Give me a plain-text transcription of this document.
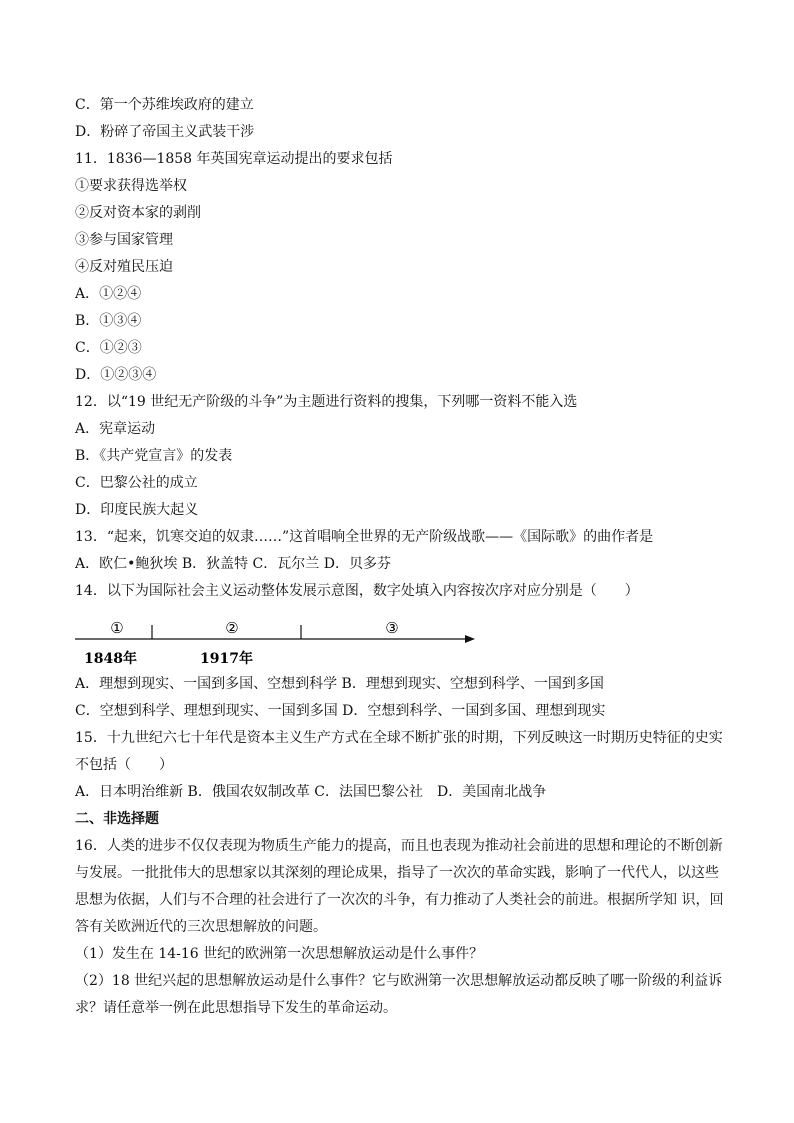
C．第一个苏维埃政府的建立
D．粉碎了帝国主义武装干涉
11．1836—1858 年英国宪章运动提出的要求包括
①要求获得选举权
②反对资本家的剥削
③参与国家管理
④反对殖民压迫
A．①②④
B．①③④
C．①②③
D．①②③④
12．以“19 世纪无产阶级的斗争”为主题进行资料的搜集，下列哪一资料不能入选
A．宪章运动
B．《共产党宣言》的发表
C．巴黎公社的成立
D．印度民族大起义
13．“起来，饥寒交迫的奴隶……”这首唱响全世界的无产阶级战歌——《国际歌》的曲作者是
A．欧仁•鲍狄埃 B．狄盖特 C．瓦尔兰 D．贝多芬
14．以下为国际社会主义运动整体发展示意图，数字处填入内容按次序对应分别是（　　）
①	②	③
1848年	1917年
A．理想到现实、一国到多国、空想到科学 B．理想到现实、空想到科学、一国到多国
C．空想到科学、理想到现实、一国到多国 D．空想到科学、一国到多国、理想到现实
15．十九世纪六七十年代是资本主义生产方式在全球不断扩张的时期，下列反映这一时期历史特征的史实
不包括（　　）
A．日本明治维新 B．俄国农奴制改革 C．法国巴黎公社　D．美国南北战争
二、非选择题
16．人类的进步不仅仅表现为物质生产能力的提高，而且也表现为推动社会前进的思想和理论的不断创新
与发展。一批批伟大的思想家以其深刻的理论成果，指导了一次次的革命实践，影响了一代代人，以这些
思想为依据，人们与不合理的社会进行了一次次的斗争，有力推动了人类社会的前进。根据所学知 识，回
答有关欧洲近代的三次思想解放的问题。
（1）发生在 14-16 世纪的欧洲第一次思想解放运动是什么事件？
（2）18 世纪兴起的思想解放运动是什么事件？它与欧洲第一次思想解放运动都反映了哪一阶级的利益诉
求？请任意举一例在此思想指导下发生的革命运动。
